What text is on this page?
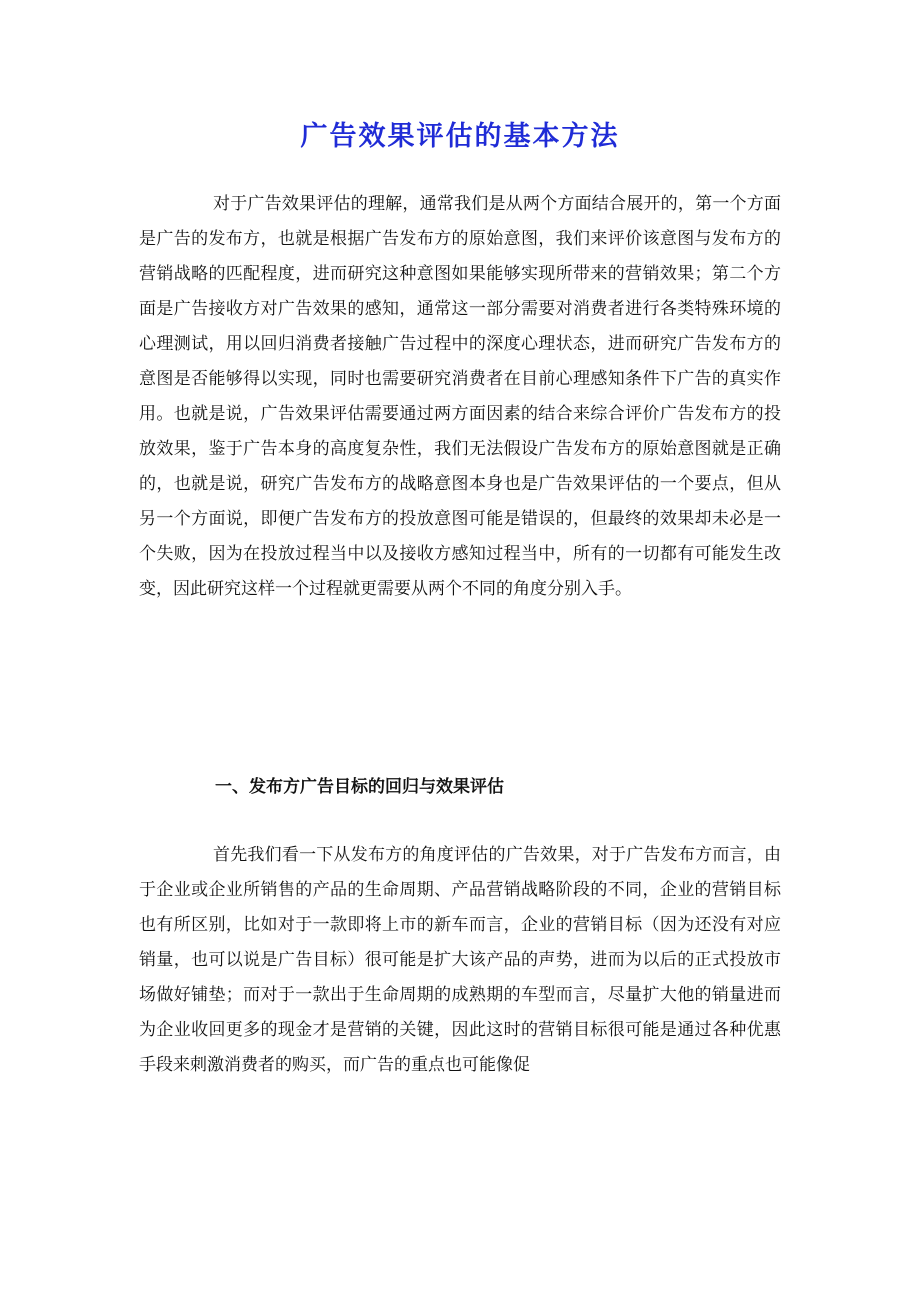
广告效果评估的基本方法

对于广告效果评估的理解，通常我们是从两个方面结合展开的，第一个方面是广告的发布方，也就是根据广告发布方的原始意图，我们来评价该意图与发布方的营销战略的匹配程度，进而研究这种意图如果能够实现所带来的营销效果；第二个方面是广告接收方对广告效果的感知，通常这一部分需要对消费者进行各类特殊环境的心理测试，用以回归消费者接触广告过程中的深度心理状态，进而研究广告发布方的意图是否能够得以实现，同时也需要研究消费者在目前心理感知条件下广告的真实作用。也就是说，广告效果评估需要通过两方面因素的结合来综合评价广告发布方的投放效果，鉴于广告本身的高度复杂性，我们无法假设广告发布方的原始意图就是正确的，也就是说，研究广告发布方的战略意图本身也是广告效果评估的一个要点，但从另一个方面说，即便广告发布方的投放意图可能是错误的，但最终的效果却未必是一个失败，因为在投放过程当中以及接收方感知过程当中，所有的一切都有可能发生改变，因此研究这样一个过程就更需要从两个不同的角度分别入手。

一、发布方广告目标的回归与效果评估

首先我们看一下从发布方的角度评估的广告效果，对于广告发布方而言，由于企业或企业所销售的产品的生命周期、产品营销战略阶段的不同，企业的营销目标也有所区别，比如对于一款即将上市的新车而言，企业的营销目标（因为还没有对应销量，也可以说是广告目标）很可能是扩大该产品的声势，进而为以后的正式投放市场做好铺垫；而对于一款出于生命周期的成熟期的车型而言，尽量扩大他的销量进而为企业收回更多的现金才是营销的关键，因此这时的营销目标很可能是通过各种优惠手段来刺激消费者的购买，而广告的重点也可能像促
